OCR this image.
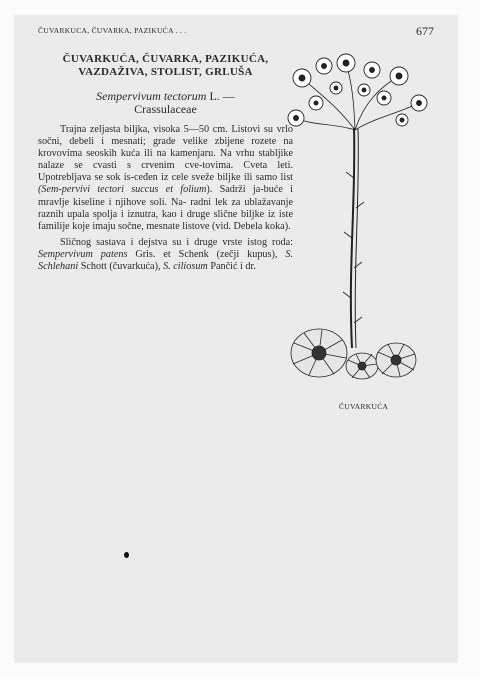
ČUVARKUCA, ČUVARKA, PAZIKUĆA . . .	677
ČUVARKUĆA, ČUVARKA, PAZIKUĆA,
VAZDAŽIVA, STOLIST, GRLUŠA
Sempervivum tectorum L. —
Crassulaceae

Trajna zeljasta bilјka, visoka 5—50 cm. Listovi su vrlo sočni, debeli i mesnati; grade velike zbijene rozete na krovovima seoskih kuća ili na kamenjaru. Na vrhu stabljike nalaze se cvasti s crvenim cve-tovima. Cveta leti. Upotrebljava se sok is-ceđen iz cele sveže biljke ili samo list (Sem-pervivi tectori succus et folium). Sadrži ja-buće i mravlje kiseline i njihove soli. Na- radni lek za ublažavanje raznih upala spolja i iznutra, kao i druge slične biljke iz iste familije koje imaju sočne, mesnate listove (vid. Debela koka).

Sličnog sastava i dejstva su i druge vrste istog roda: Sempervivum patens Gris. et Schenk (zečji kupus), S. Schlehani Schott (čuvarkuća), S. ciliosum Pančić i dr.

ČUVARKUĆA
